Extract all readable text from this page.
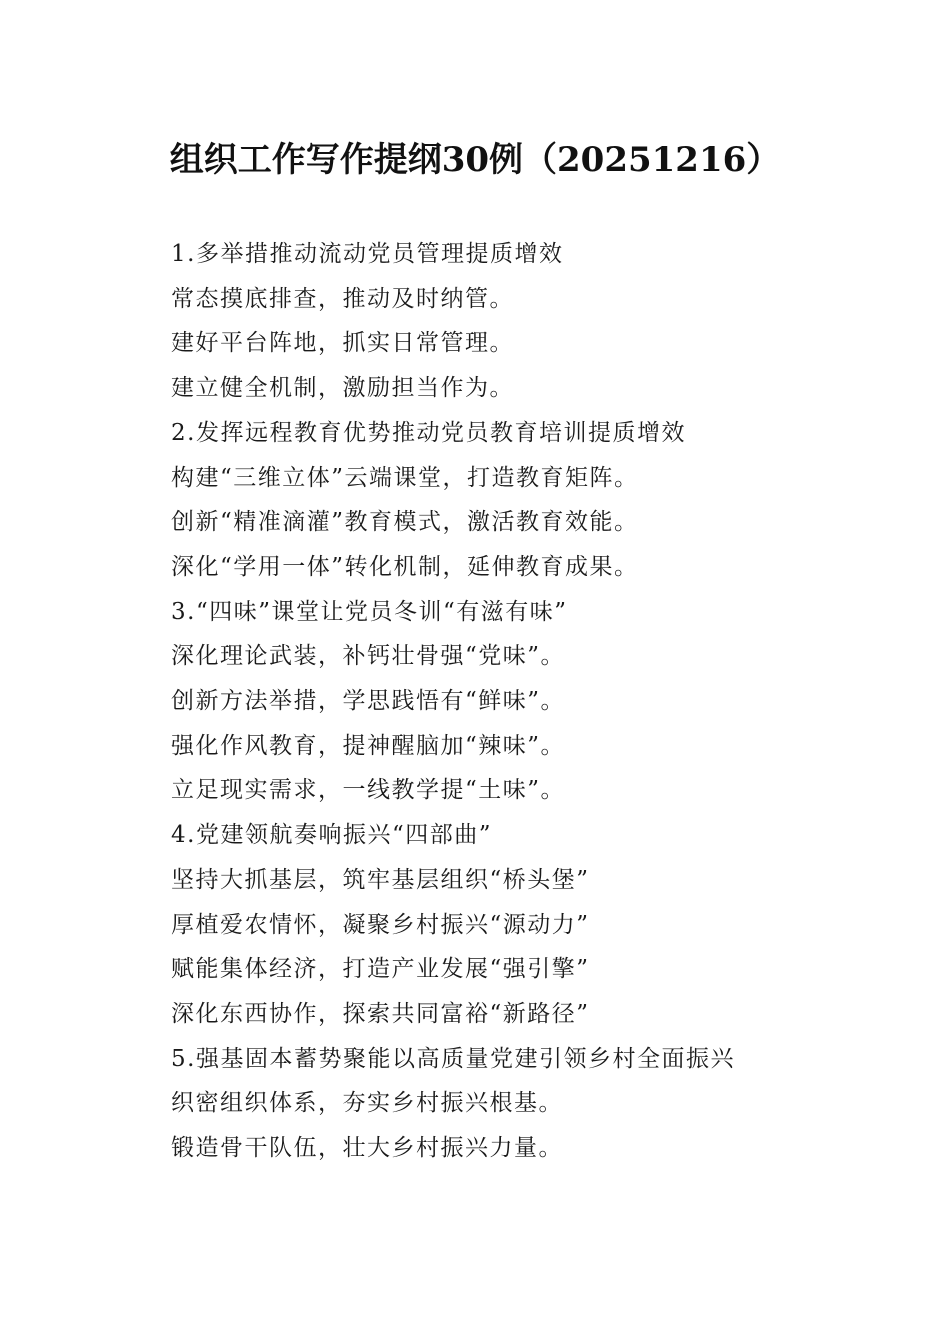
组织工作写作提纲30例（20251216）
1.多举措推动流动党员管理提质增效
常态摸底排查，推动及时纳管。
建好平台阵地，抓实日常管理。
建立健全机制，激励担当作为。
2.发挥远程教育优势推动党员教育培训提质增效
构建“三维立体”云端课堂，打造教育矩阵。
创新“精准滴灌”教育模式，激活教育效能。
深化“学用一体”转化机制，延伸教育成果。
3.“四味”课堂让党员冬训“有滋有味”
深化理论武装，补钙壮骨强“党味”。
创新方法举措，学思践悟有“鲜味”。
强化作风教育，提神醒脑加“辣味”。
立足现实需求，一线教学提“土味”。
4.党建领航奏响振兴“四部曲”
坚持大抓基层，筑牢基层组织“桥头堡”
厚植爱农情怀，凝聚乡村振兴“源动力”
赋能集体经济，打造产业发展“强引擎”
深化东西协作，探索共同富裕“新路径”
5.强基固本蓄势聚能以高质量党建引领乡村全面振兴
织密组织体系，夯实乡村振兴根基。
锻造骨干队伍，壮大乡村振兴力量。
